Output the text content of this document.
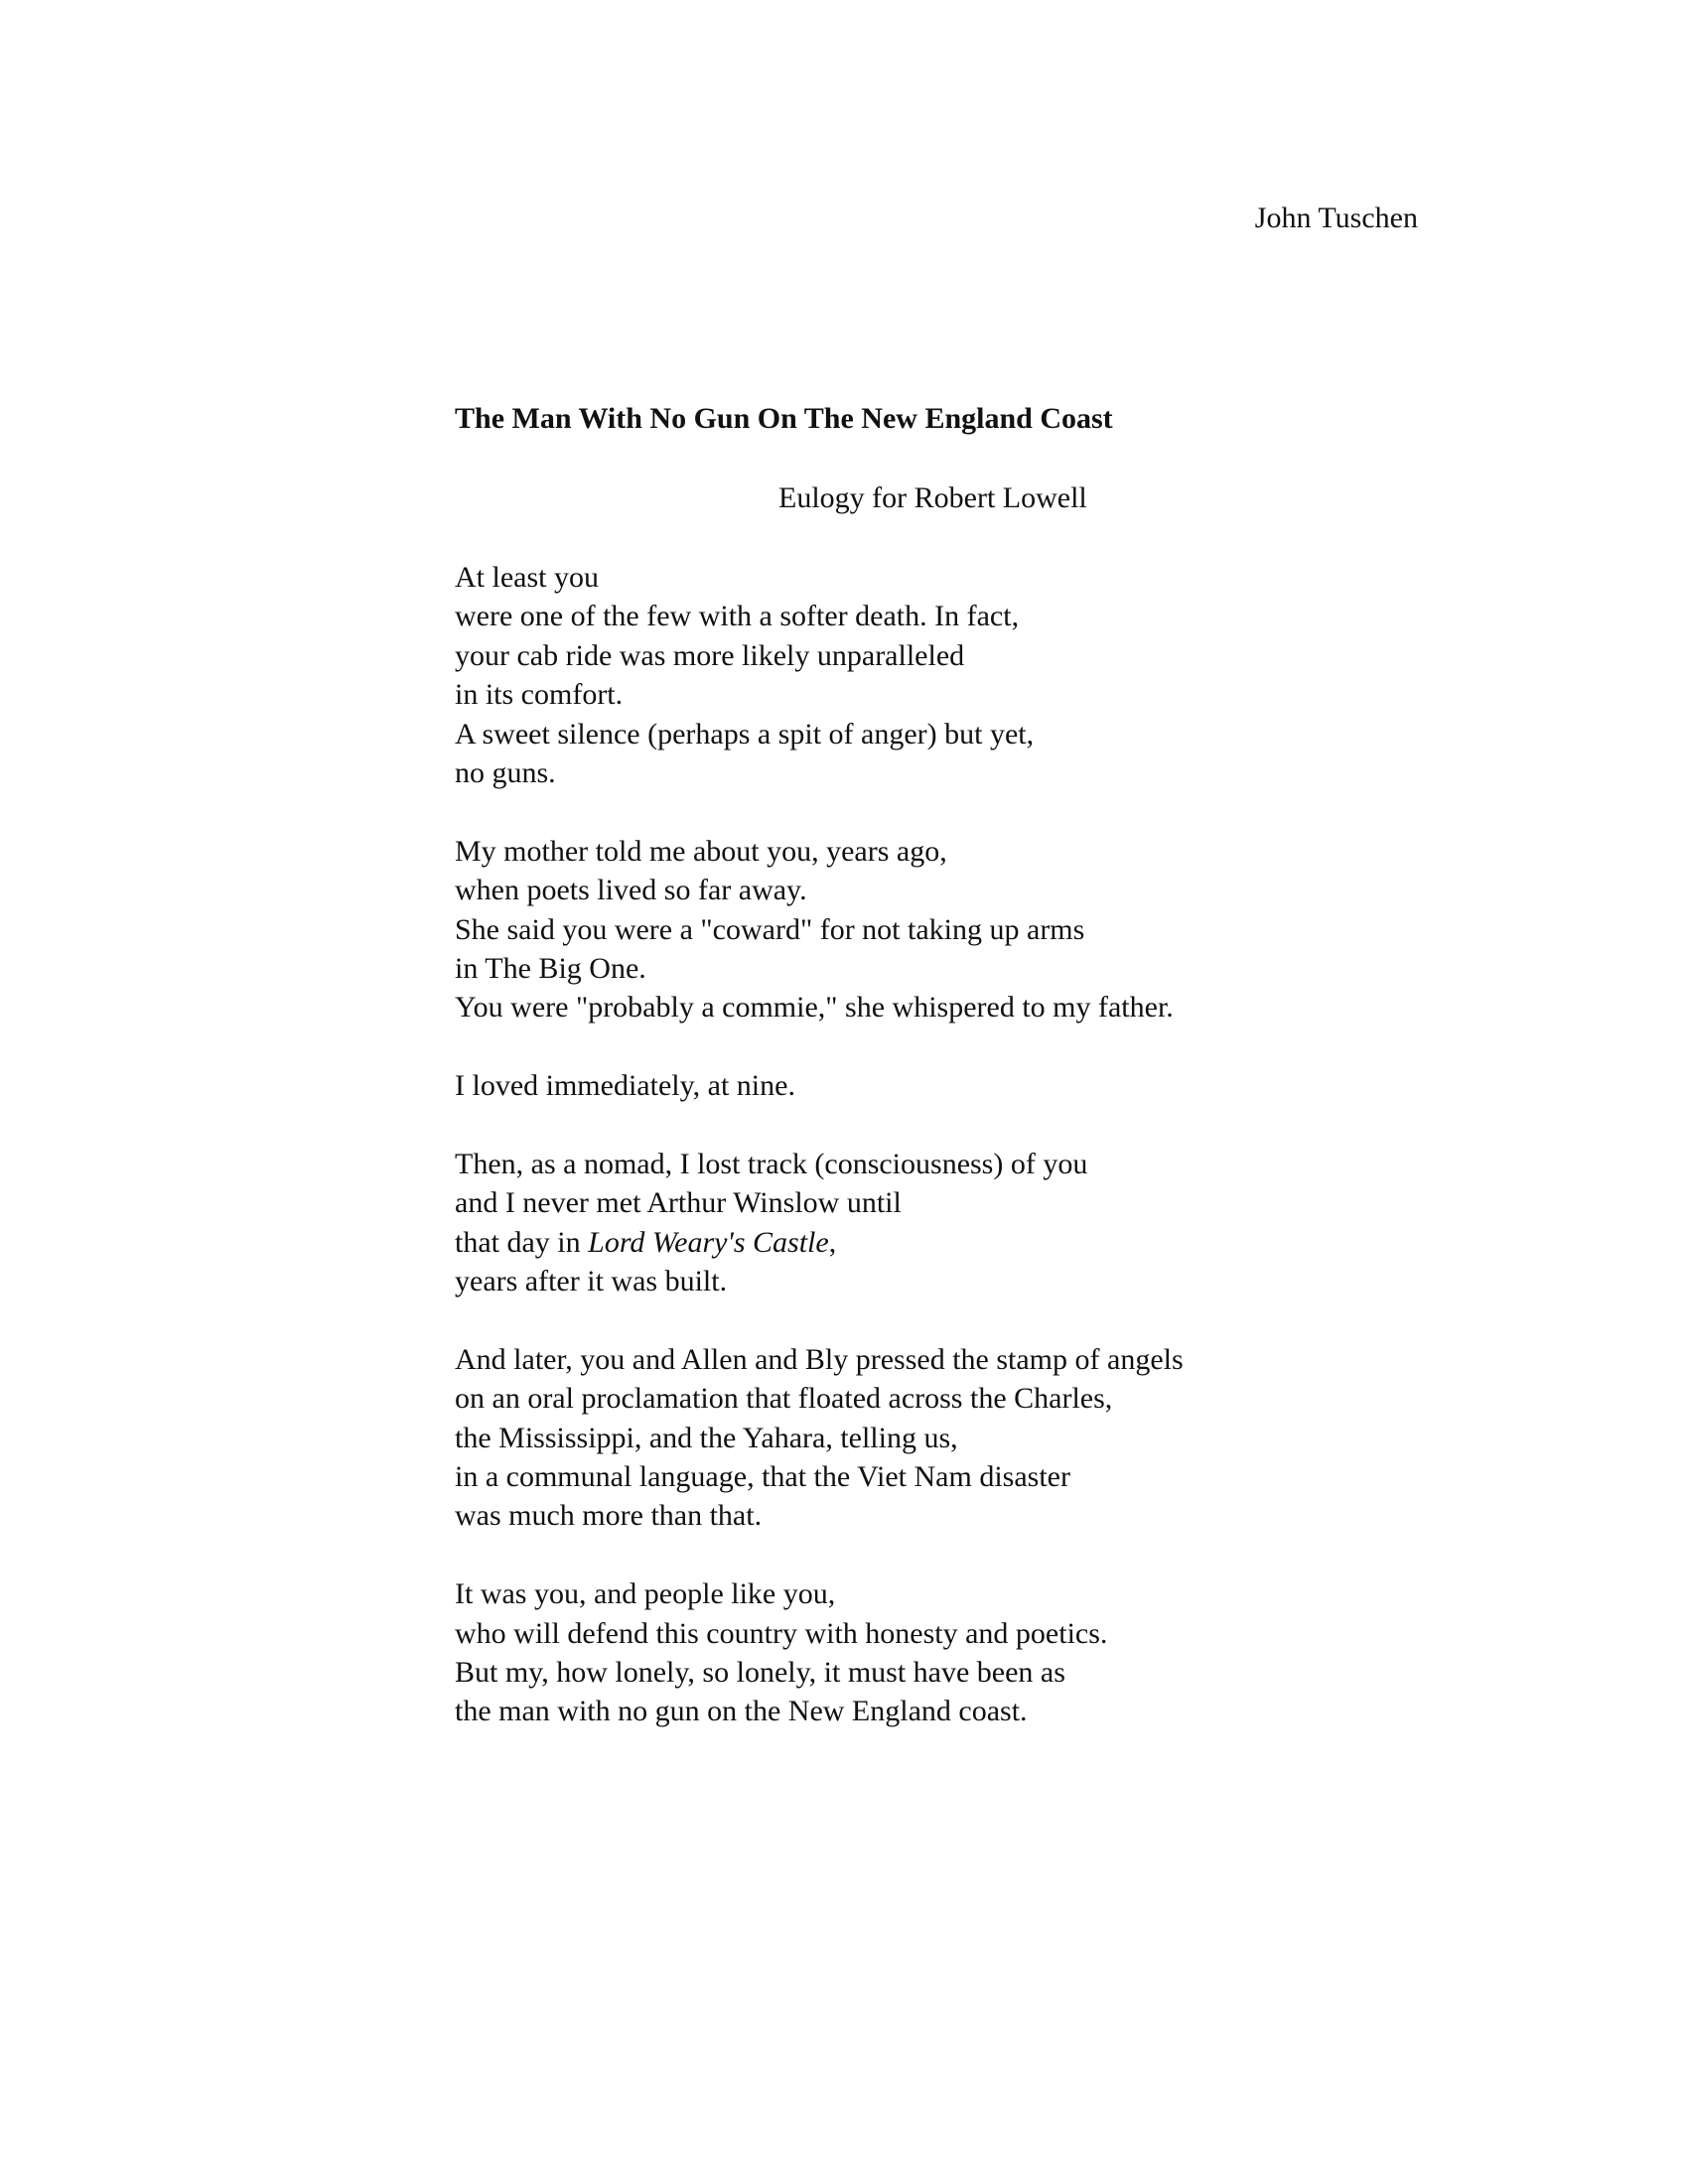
John Tuschen
The Man With No Gun On The New England Coast
Eulogy for Robert Lowell
At least you
were one of the few with a softer death. In fact,
your cab ride was more likely unparalleled
in its comfort.
A sweet silence (perhaps a spit of anger) but yet,
no guns.
My mother told me about you, years ago,
when poets lived so far away.
She said you were a "coward" for not taking up arms
in The Big One.
You were "probably a commie," she whispered to my father.
I loved immediately, at nine.
Then, as a nomad, I lost track (consciousness) of you
and I never met Arthur Winslow until
that day in Lord Weary's Castle,
years after it was built.
And later, you and Allen and Bly pressed the stamp of angels
on an oral proclamation that floated across the Charles,
the Mississippi, and the Yahara, telling us,
in a communal language, that the Viet Nam disaster
was much more than that.
It was you, and people like you,
who will defend this country with honesty and poetics.
But my, how lonely, so lonely, it must have been as
the man with no gun on the New England coast.
